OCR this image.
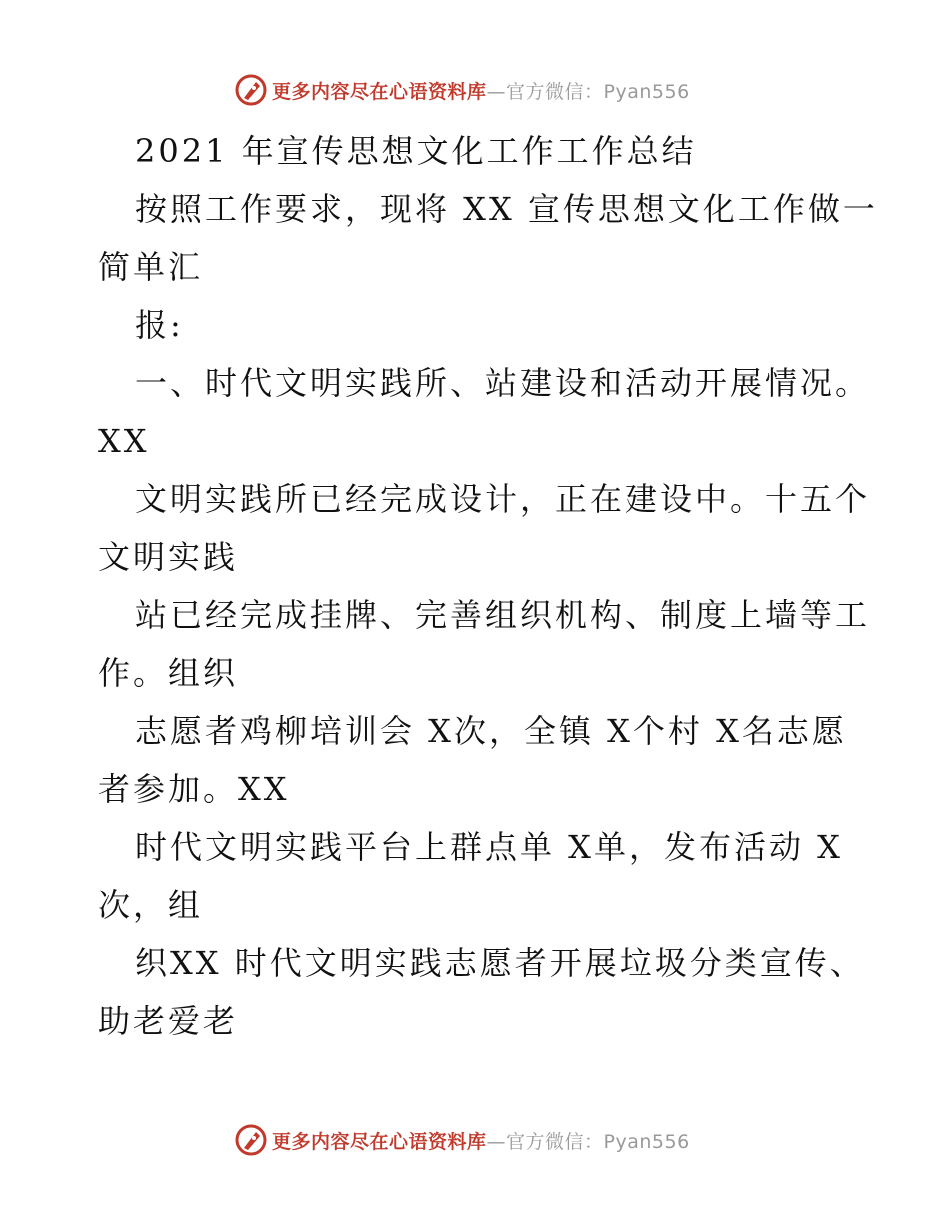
更多内容尽在心语资料库 —官方微信：Pyan556
2021 年宣传思想文化工作工作总结
按照工作要求，现将 XX 宣传思想文化工作做一
简单汇
报:
一、时代文明实践所、站建设和活动开展情况。
XX
文明实践所已经完成设计，正在建设中。十五个
文明实践
站已经完成挂牌、完善组织机构、制度上墙等工
作。组织
志愿者鸡柳培训会 X次，全镇 X个村 X名志愿
者参加。XX
时代文明实践平台上群点单 X单，发布活动 X
次，组
织XX 时代文明实践志愿者开展垃圾分类宣传、
助老爱老
更多内容尽在心语资料库 —官方微信：Pyan556
